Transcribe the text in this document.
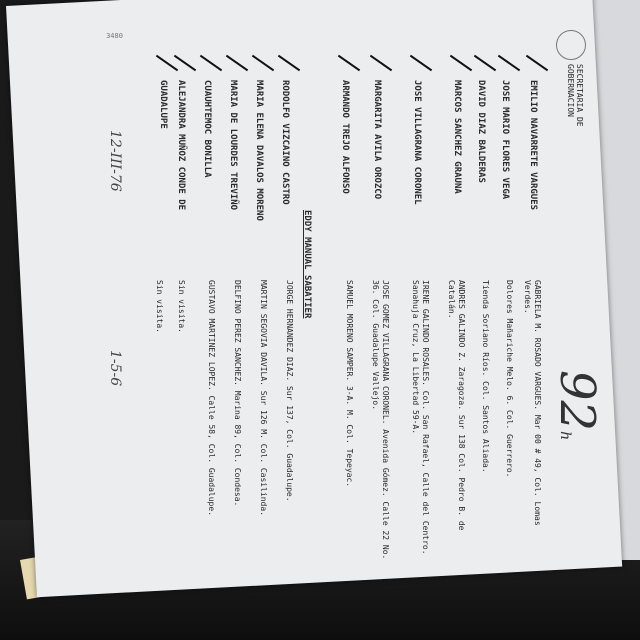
SECRETARIA DE GOBERNACION
92h
EMILIO NAVARRETE VARGUES
GABRIELA M. ROSADO VARGUES. Mar 00 # 49, Col. Lomas Verdes.
JOSE MARIO FLORES VEGA
Dolores Mañariche Melo. 6. Col. Guerrero.
DAVID DIAZ BALDERAS
Tienda Soriano Ríos. Col. Santos Aliada.
MARCOS SANCHEZ GRAUNA
ANDRES GALINDO Z. Zaragoza. Sur 138 Col. Pedro B. de Catalán.
JOSE VILLAGRANA CORONEL
IRENE GALINDO ROSALES. Col. San Rafael, Calle del Centro. Sanahuja Cruz, La Libertad 59-A.
MARGARITA AVILA OROZCO
JOSE GOMEZ VILLAGRANA CORONEL. Avenida Gómez. Calle 22 No. 36. Col. Guadalupe Vallejo.
ARMANDO TREJO ALFONSO
SAMUEL MORENO SAMPER. 3-A. M. Col. Tepeyac.
EDDY MANUAL SABATIER
RODOLFO VIZCAINO CASTRO
JORGE HERNANDEZ DIAZ. Sur 137, Col. Guadalupe.
MARIA ELENA DAVALOS MORENO
MARTIN SEGOVIA DAVILA. Sur 126 M. Col. Casilinda.
MARIA DE LOURDES TREVIÑO
DELFINO PEREZ SANCHEZ. Marina 89, Col. Condesa.
CUAUHTEMOC BONILLA
GUSTAVO MARTINEZ LOPEZ. Calle 58, Col. Guadalupe.
ALEJANDRA MUÑOZ CONDE DE
Sin visita.
GUADALUPE
Sin visita.
12-III-76
1-5-6
3480
